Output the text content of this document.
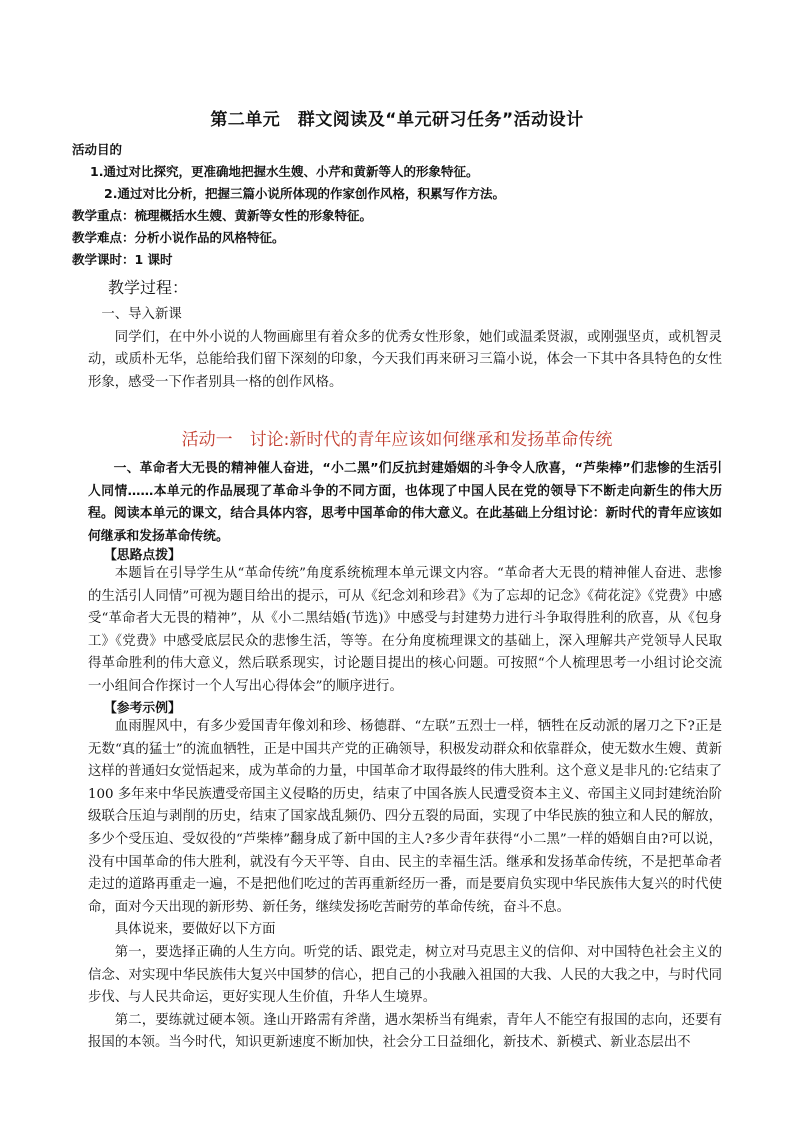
第二单元　群文阅读及“单元研习任务”活动设计
活动目的
1.通过对比探究，更准确地把握水生嫂、小芹和黄新等人的形象特征。
2.通过对比分析，把握三篇小说所体现的作家创作风格，积累写作方法。
教学重点：梳理概括水生嫂、黄新等女性的形象特征。
教学难点：分析小说作品的风格特征。
教学课时：1 课时
教学过程：

一、导入新课

同学们，在中外小说的人物画廊里有着众多的优秀女性形象，她们或温柔贤淑，或刚强坚贞，或机智灵动，或质朴无华，总能给我们留下深刻的印象，今天我们再来研习三篇小说，体会一下其中各具特色的女性形象，感受一下作者别具一格的创作风格。

活动一　讨论:新时代的青年应该如何继承和发扬革命传统

一、革命者大无畏的精神催人奋进，“小二黑”们反抗封建婚姻的斗争令人欣喜，“芦柴棒”们悲惨的生活引人同情……本单元的作品展现了革命斗争的不同方面，也体现了中国人民在党的领导下不断走向新生的伟大历程。阅读本单元的课文，结合具体内容，思考中国革命的伟大意义。在此基础上分组讨论：新时代的青年应该如何继承和发扬革命传统。

【思路点拨】

本题旨在引导学生从“革命传统”角度系统梳理本单元课文内容。“革命者大无畏的精神催人奋进、悲惨的生活引人同情”可视为题目给出的提示，可从《纪念刘和珍君》《为了忘却的记念》《荷花淀》《党费》中感受“革命者大无畏的精神”，从《小二黑结婚(节选)》中感受与封建势力进行斗争取得胜利的欣喜，从《包身工》《党费》中感受底层民众的悲惨生活，等等。在分角度梳理课文的基础上，深入理解共产党领导人民取得革命胜利的伟大意义，然后联系现实，讨论题目提出的核心问题。可按照“个人梳理思考一小组讨论交流一小组间合作探讨一个人写出心得体会”的顺序进行。

【参考示例】

血雨腥风中，有多少爱国青年像刘和珍、杨德群、“左联”五烈士一样，牺牲在反动派的屠刀之下?正是无数“真的猛士”的流血牺牲，正是中国共产党的正确领导，积极发动群众和依靠群众，使无数水生嫂、黄新这样的普通妇女觉悟起来，成为革命的力量，中国革命才取得最终的伟大胜利。这个意义是非凡的:它结束了 100 多年来中华民族遭受帝国主义侵略的历史，结束了中国各族人民遭受资本主义、帝国主义同封建统治阶级联合压迫与剥削的历史，结束了国家战乱频仍、四分五裂的局面，实现了中华民族的独立和人民的解放，多少个受压迫、受奴役的“芦柴棒”翻身成了新中国的主人?多少青年获得“小二黑”一样的婚姻自由?可以说，没有中国革命的伟大胜利，就没有今天平等、自由、民主的幸福生活。继承和发扬革命传统，不是把革命者走过的道路再重走一遍，不是把他们吃过的苦再重新经历一番，而是要肩负实现中华民族伟大复兴的时代使命，面对今天出现的新形势、新任务，继续发扬吃苦耐劳的革命传统，奋斗不息。

具体说来，要做好以下方面

第一，要选择正确的人生方向。听党的话、跟党走，树立对马克思主义的信仰、对中国特色社会主义的信念、对实现中华民族伟大复兴中国梦的信心，把自己的小我融入祖国的大我、人民的大我之中，与时代同步伐、与人民共命运，更好实现人生价值，升华人生境界。

第二，要练就过硬本领。逢山开路需有斧凿，遇水架桥当有绳索，青年人不能空有报国的志向，还要有报国的本领。当今时代，知识更新速度不断加快，社会分工日益细化，新技术、新模式、新业态层出不
